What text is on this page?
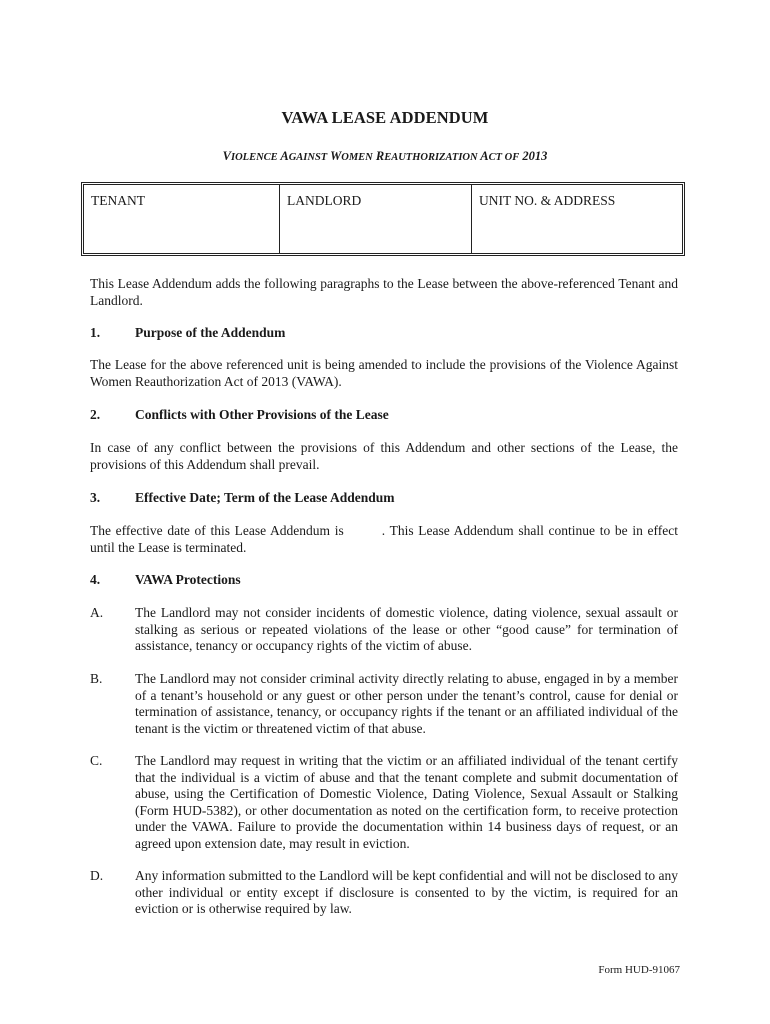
VAWA LEASE ADDENDUM
VIOLENCE AGAINST WOMEN REAUTHORIZATION ACT OF 2013
TENANT	LANDLORD	UNIT NO. & ADDRESS
This Lease Addendum adds the following paragraphs to the Lease between the above-referenced Tenant and Landlord.
1.	Purpose of the Addendum
The Lease for the above referenced unit is being amended to include the provisions of the Violence Against Women Reauthorization Act of 2013 (VAWA).
2.	Conflicts with Other Provisions of the Lease
In case of any conflict between the provisions of this Addendum and other sections of the Lease, the provisions of this Addendum shall prevail.
3.	Effective Date; Term of the Lease Addendum
The effective date of this Lease Addendum is	. This Lease Addendum shall continue to be in effect until the Lease is terminated.
4.	VAWA Protections
A.	The Landlord may not consider incidents of domestic violence, dating violence, sexual assault or stalking as serious or repeated violations of the lease or other “good cause” for termination of assistance, tenancy or occupancy rights of the victim of abuse.
B.	The Landlord may not consider criminal activity directly relating to abuse, engaged in by a member of a tenant’s household or any guest or other person under the tenant’s control, cause for denial or termination of assistance, tenancy, or occupancy rights if the tenant or an affiliated individual of the tenant is the victim or threatened victim of that abuse.
C.	The Landlord may request in writing that the victim or an affiliated individual of the tenant certify that the individual is a victim of abuse and that the tenant complete and submit documentation of abuse, using the Certification of Domestic Violence, Dating Violence, Sexual Assault or Stalking (Form HUD-5382), or other documentation as noted on the certification form, to receive protection under the VAWA. Failure to provide the documentation within 14 business days of request, or an agreed upon extension date, may result in eviction.
D.	Any information submitted to the Landlord will be kept confidential and will not be disclosed to any other individual or entity except if disclosure is consented to by the victim, is required for an eviction or is otherwise required by law.
Form HUD-91067
